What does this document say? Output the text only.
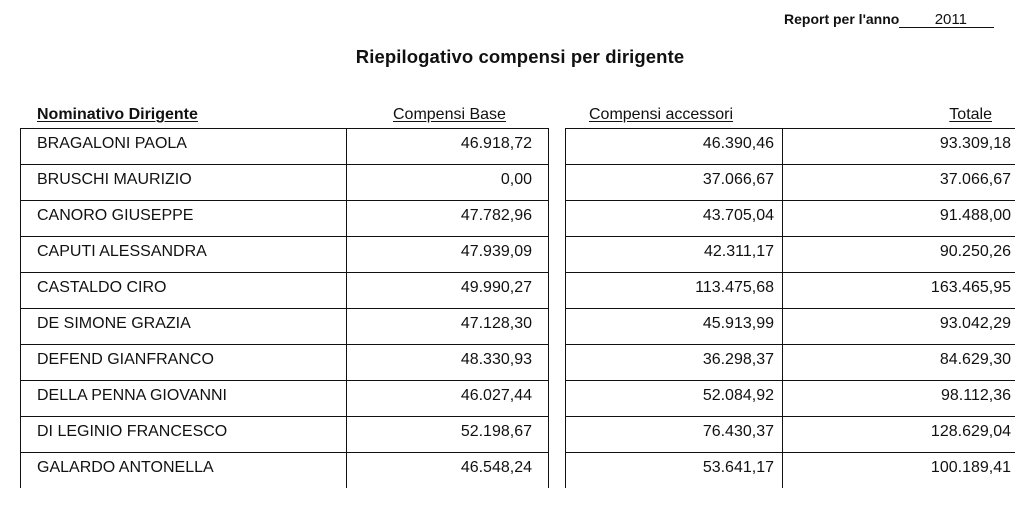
Report per l'anno 2011
Riepilogativo compensi per dirigente
Nominativo Dirigente	Compensi Base	Compensi accessori	Totale
BRAGALONI PAOLA	46.918,72	46.390,46	93.309,18
BRUSCHI MAURIZIO	0,00	37.066,67	37.066,67
CANORO GIUSEPPE	47.782,96	43.705,04	91.488,00
CAPUTI ALESSANDRA	47.939,09	42.311,17	90.250,26
CASTALDO CIRO	49.990,27	113.475,68	163.465,95
DE SIMONE GRAZIA	47.128,30	45.913,99	93.042,29
DEFEND GIANFRANCO	48.330,93	36.298,37	84.629,30
DELLA PENNA GIOVANNI	46.027,44	52.084,92	98.112,36
DI LEGINIO FRANCESCO	52.198,67	76.430,37	128.629,04
GALARDO ANTONELLA	46.548,24	53.641,17	100.189,41
